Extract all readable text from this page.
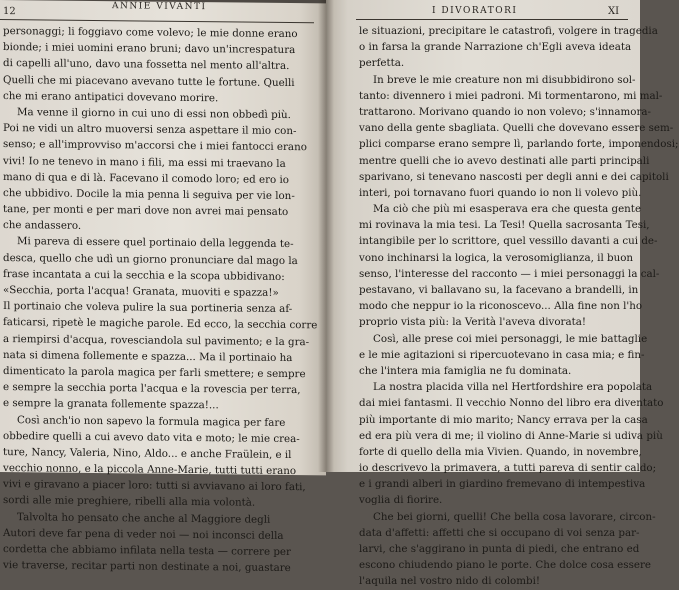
12	ANNIE VIVANTI
personaggi; li foggiavo come volevo; le mie donne erano
bionde; i miei uomini erano bruni; davo un'increspatura
di capelli all'uno, davo una fossetta nel mento all'altra.
Quelli che mi piacevano avevano tutte le fortune. Quelli
che mi erano antipatici dovevano morire.
Ma venne il giorno in cui uno di essi non obbedì più.
Poi ne vidi un altro muoversi senza aspettare il mio con-
senso; e all'improvviso m'accorsi che i miei fantocci erano
vivi! Io ne tenevo in mano i fili, ma essi mi traevano la
mano di qua e di là. Facevano il comodo loro; ed ero io
che ubbidivo. Docile la mia penna li seguiva per vie lon-
tane, per monti e per mari dove non avrei mai pensato
che andassero.
Mi pareva di essere quel portinaio della leggenda te-
desca, quello che udì un giorno pronunciare dal mago la
frase incantata a cui la secchia e la scopa ubbidivano:
«Secchia, porta l'acqua! Granata, muoviti e spazza!»
Il portinaio che voleva pulire la sua portineria senza af-
faticarsi, ripetè le magiche parole. Ed ecco, la secchia corre
a riempirsi d'acqua, rovesciandola sul pavimento; e la gra-
nata si dimena follemente e spazza... Ma il portinaio ha
dimenticato la parola magica per farli smettere; e sempre
e sempre la secchia porta l'acqua e la rovescia per terra,
e sempre la granata follemente spazza!...
Così anch'io non sapevo la formula magica per fare
obbedire quelli a cui avevo dato vita e moto; le mie crea-
ture, Nancy, Valeria, Nino, Aldo... e anche Fraülein, e il
vecchio nonno, e la piccola Anne-Marie, tutti tutti erano
vivi e giravano a piacer loro: tutti si avviavano ai loro fati,
sordi alle mie preghiere, ribelli alla mia volontà.
Talvolta ho pensato che anche al Maggiore degli
Autori deve far pena di veder noi — noi inconsci della
cordetta che abbiamo infilata nella testa — correre per
vie traverse, recitar parti non destinate a noi, guastare
I DIVORATORI	XI
le situazioni, precipitare le catastrofi, volgere in tragedia
o in farsa la grande Narrazione ch'Egli aveva ideata
perfetta.
In breve le mie creature non mi disubbidirono sol-
tanto: divennero i miei padroni. Mi tormentarono, mi mal-
trattarono. Morivano quando io non volevo; s'innamora-
vano della gente sbagliata. Quelli che dovevano essere sem-
plici comparse erano sempre lì, parlando forte, imponendosi;
mentre quelli che io avevo destinati alle parti principali
sparivano, si tenevano nascosti per degli anni e dei capitoli
interi, poi tornavano fuori quando io non li volevo più.
Ma ciò che più mi esasperava era che questa gente
mi rovinava la mia tesi. La Tesi! Quella sacrosanta Tesi,
intangibile per lo scrittore, quel vessillo davanti a cui de-
vono inchinarsi la logica, la verosomiglianza, il buon
senso, l'interesse del racconto — i miei personaggi la cal-
pestavano, vi ballavano su, la facevano a brandelli, in
modo che neppur io la riconoscevo... Alla fine non l'ho
proprio vista più: la Verità l'aveva divorata!
Così, alle prese coi miei personaggi, le mie battaglie
e le mie agitazioni si ripercuotevano in casa mia; e fin-
che l'intera mia famiglia ne fu dominata.
La nostra placida villa nel Hertfordshire era popolata
dai miei fantasmi. Il vecchio Nonno del libro era diventato
più importante di mio marito; Nancy errava per la casa
ed era più vera di me; il violino di Anne-Marie si udiva più
forte di quello della mia Vivien. Quando, in novembre,
io descrivevo la primavera, a tutti pareva di sentir caldo;
e i grandi alberi in giardino fremevano di intempestiva
voglia di fiorire.
Che bei giorni, quelli! Che bella cosa lavorare, circon-
data d'affetti: affetti che si occupano di voi senza par-
larvi, che s'aggirano in punta di piedi, che entrano ed
escono chiudendo piano le porte. Che dolce cosa essere
l'aquila nel vostro nido di colombi!
